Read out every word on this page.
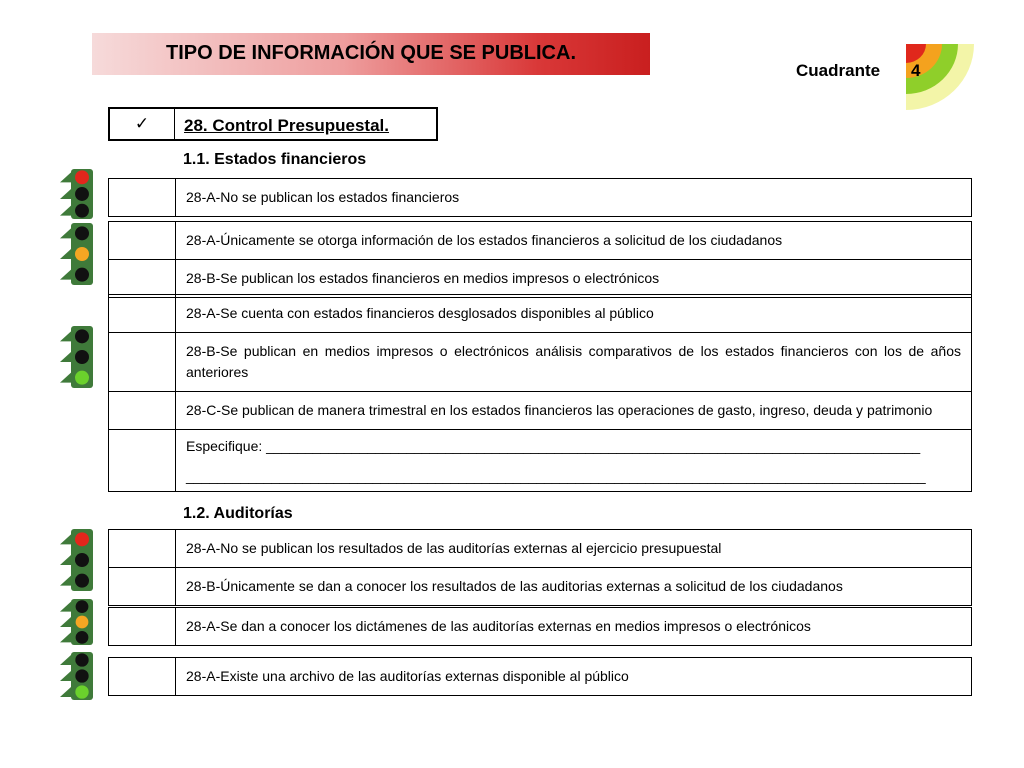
TIPO DE INFORMACIÓN QUE SE PUBLICA.
Cuadrante 4
✓	28. Control Presupuestal.
1.1. Estados financieros
	28-A-No se publican los estados financieros
	28-A-Únicamente se otorga información de los estados financieros a solicitud de los ciudadanos
	28-B-Se publican los estados financieros en medios impresos o electrónicos
	28-A-Se cuenta con estados financieros desglosados disponibles al público
	28-B-Se publican en medios impresos o electrónicos análisis comparativos de los estados financieros con los de años anteriores
	28-C-Se publican de manera trimestral en los estados financieros las operaciones de gasto, ingreso, deuda y patrimonio

	Especifique: ____________________________________________________________________________________
_______________________________________________________________________________________________
1.2. Auditorías
	28-A-No se publican los resultados de las auditorías externas al ejercicio presupuestal
	28-B-Únicamente se dan a conocer los resultados de las auditorias externas a solicitud de los ciudadanos
	28-A-Se dan a conocer los dictámenes de las auditorías externas en medios impresos o electrónicos
	28-A-Existe una archivo de las auditorías externas disponible al público
